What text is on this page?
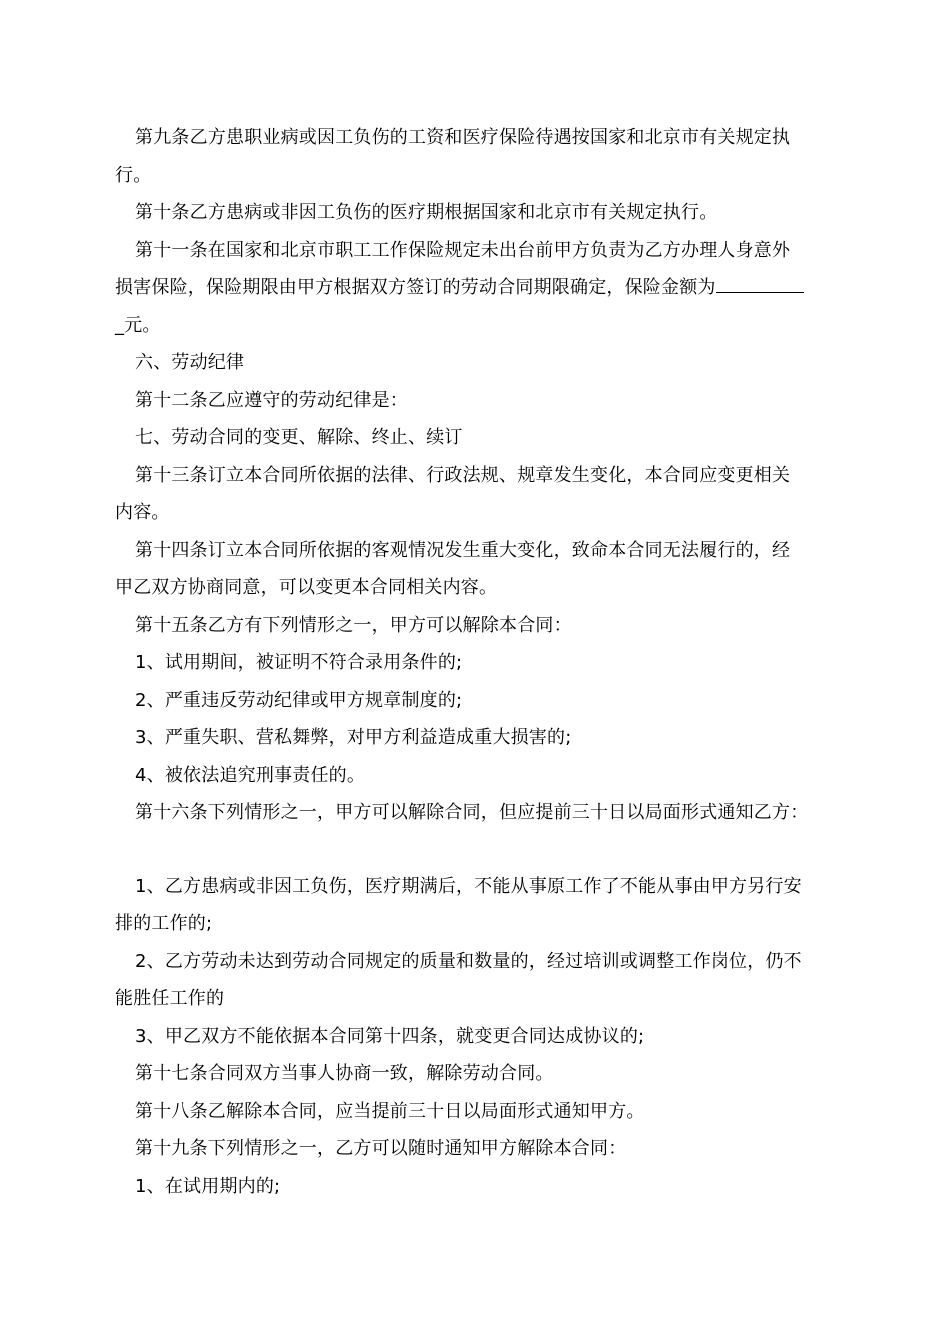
第九条乙方患职业病或因工负伤的工资和医疗保险待遇按国家和北京市有关规定执
行。
第十条乙方患病或非因工负伤的医疗期根据国家和北京市有关规定执行。
第十一条在国家和北京市职工工作保险规定未出台前甲方负责为乙方办理人身意外
损害保险，保险期限由甲方根据双方签订的劳动合同期限确定，保险金额为
_元。
六、劳动纪律
第十二条乙应遵守的劳动纪律是：
七、劳动合同的变更、解除、终止、续订
第十三条订立本合同所依据的法律、行政法规、规章发生变化，本合同应变更相关
内容。
第十四条订立本合同所依据的客观情况发生重大变化，致命本合同无法履行的，经
甲乙双方协商同意，可以变更本合同相关内容。
第十五条乙方有下列情形之一，甲方可以解除本合同：
1、试用期间，被证明不符合录用条件的;
2、严重违反劳动纪律或甲方规章制度的;
3、严重失职、营私舞弊，对甲方利益造成重大损害的;
4、被依法追究刑事责任的。
第十六条下列情形之一，甲方可以解除合同，但应提前三十日以局面形式通知乙方：
1、乙方患病或非因工负伤，医疗期满后，不能从事原工作了不能从事由甲方另行安
排的工作的;
2、乙方劳动未达到劳动合同规定的质量和数量的，经过培训或调整工作岗位，仍不
能胜任工作的
3、甲乙双方不能依据本合同第十四条，就变更合同达成协议的;
第十七条合同双方当事人协商一致，解除劳动合同。
第十八条乙解除本合同，应当提前三十日以局面形式通知甲方。
第十九条下列情形之一，乙方可以随时通知甲方解除本合同：
1、在试用期内的;
